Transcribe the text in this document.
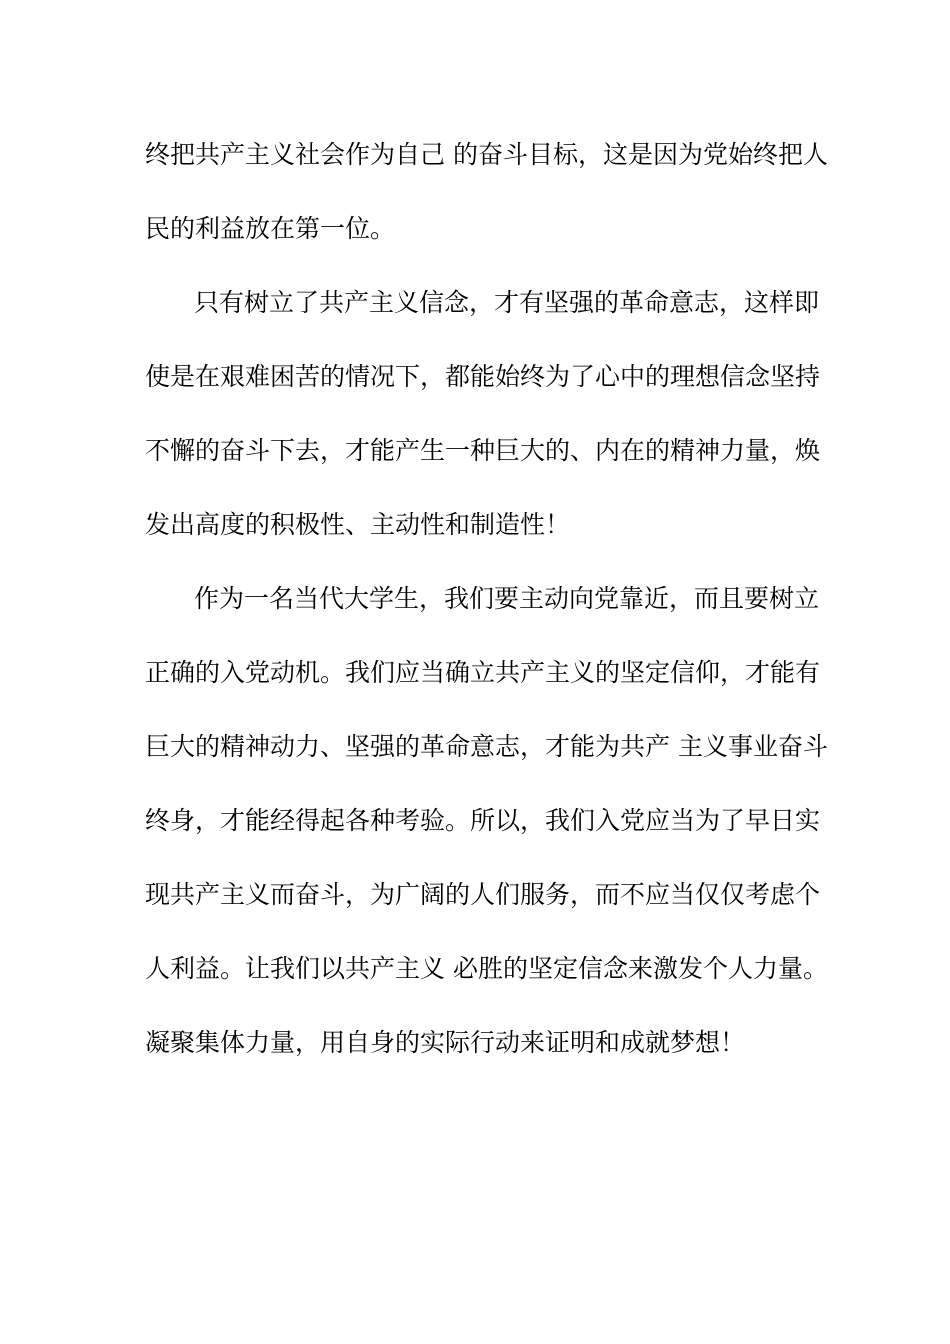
终把共产主义社会作为自己 的奋斗目标，这是因为党始终把人
民的利益放在第一位。
只有树立了共产主义信念，才有坚强的革命意志，这样即
使是在艰难困苦的情况下，都能始终为了心中的理想信念坚持
不懈的奋斗下去，才能产生一种巨大的、内在的精神力量，焕
发出高度的积极性、主动性和制造性！
作为一名当代大学生，我们要主动向党靠近，而且要树立
正确的入党动机。我们应当确立共产主义的坚定信仰，才能有
巨大的精神动力、坚强的革命意志，才能为共产 主义事业奋斗
终身，才能经得起各种考验。所以，我们入党应当为了早日实
现共产主义而奋斗，为广阔的人们服务，而不应当仅仅考虑个
人利益。让我们以共产主义 必胜的坚定信念来激发个人力量。
凝聚集体力量，用自身的实际行动来证明和成就梦想！
